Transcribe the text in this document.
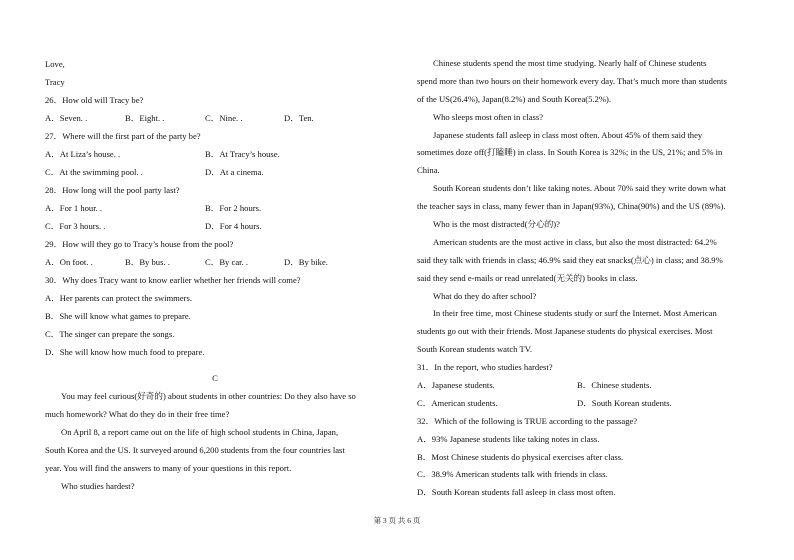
Love,
Tracy
26．How old will Tracy be?
A．Seven. .	B．Eight. .	C．Nine. .	D．Ten.
27．Where will the first part of the party be?
A．At Liza’s house. .	B．At Tracy’s house.
C．At the swimming pool. .	D．At a cinema.
28．How long will the pool party last?
A．For 1 hour. .	B．For 2 hours.
C．For 3 hours. .	D．For 4 hours.
29．How will they go to Tracy’s house from the pool?
A．On foot. .	B．By bus. .	C．By car. .	D．By bike.
30．Why does Tracy want to know earlier whether her friends will come?
A．Her parents can protect the swimmers.
B．She will know what games to prepare.
C．The singer can prepare the songs.
D．She will know how much food to prepare.
C
You may feel curious(好奇的) about students in other countries: Do they also have so
much homework? What do they do in their free time?
On April 8, a report came out on the life of high school students in China, Japan,
South Korea and the US. It surveyed around 6,200 students from the four countries last
year. You will find the answers to many of your questions in this report.
Who studies hardest?
Chinese students spend the most time studying. Nearly half of Chinese students
spend more than two hours on their homework every day. That’s much more than students
of the US(26.4%), Japan(8.2%) and South Korea(5.2%).
Who sleeps most often in class?
Japanese students fall asleep in class most often. About 45% of them said they
sometimes doze off(打瞌睡) in class. In South Korea is 32%; in the US, 21%; and 5% in
China.
South Korean students don’t like taking notes. About 70% said they write down what
the teacher says in class, many fewer than in Japan(93%), China(90%) and the US (89%).
Who is the most distracted(分心的)?
American students are the most active in class, but also the most distracted: 64.2%
said they talk with friends in class; 46.9% said they eat snacks(点心) in class; and 38.9%
said they send e-mails or read unrelated(无关的) books in class.
What do they do after school?
In their free time, most Chinese students study or surf the Internet. Most American
students go out with their friends. Most Japanese students do physical exercises. Most
South Korean students watch TV.
31．In the report, who studies hardest?
A．Japanese students.	B．Chinese students.
C．American students.	D．South Korean students.
32．Which of the following is TRUE according to the passage?
A．93% Japanese students like taking notes in class.
B．Most Chinese students do physical exercises after class.
C．38.9% American students talk with friends in class.
D．South Korean students fall asleep in class most often.
第 3 页 共 6 页
